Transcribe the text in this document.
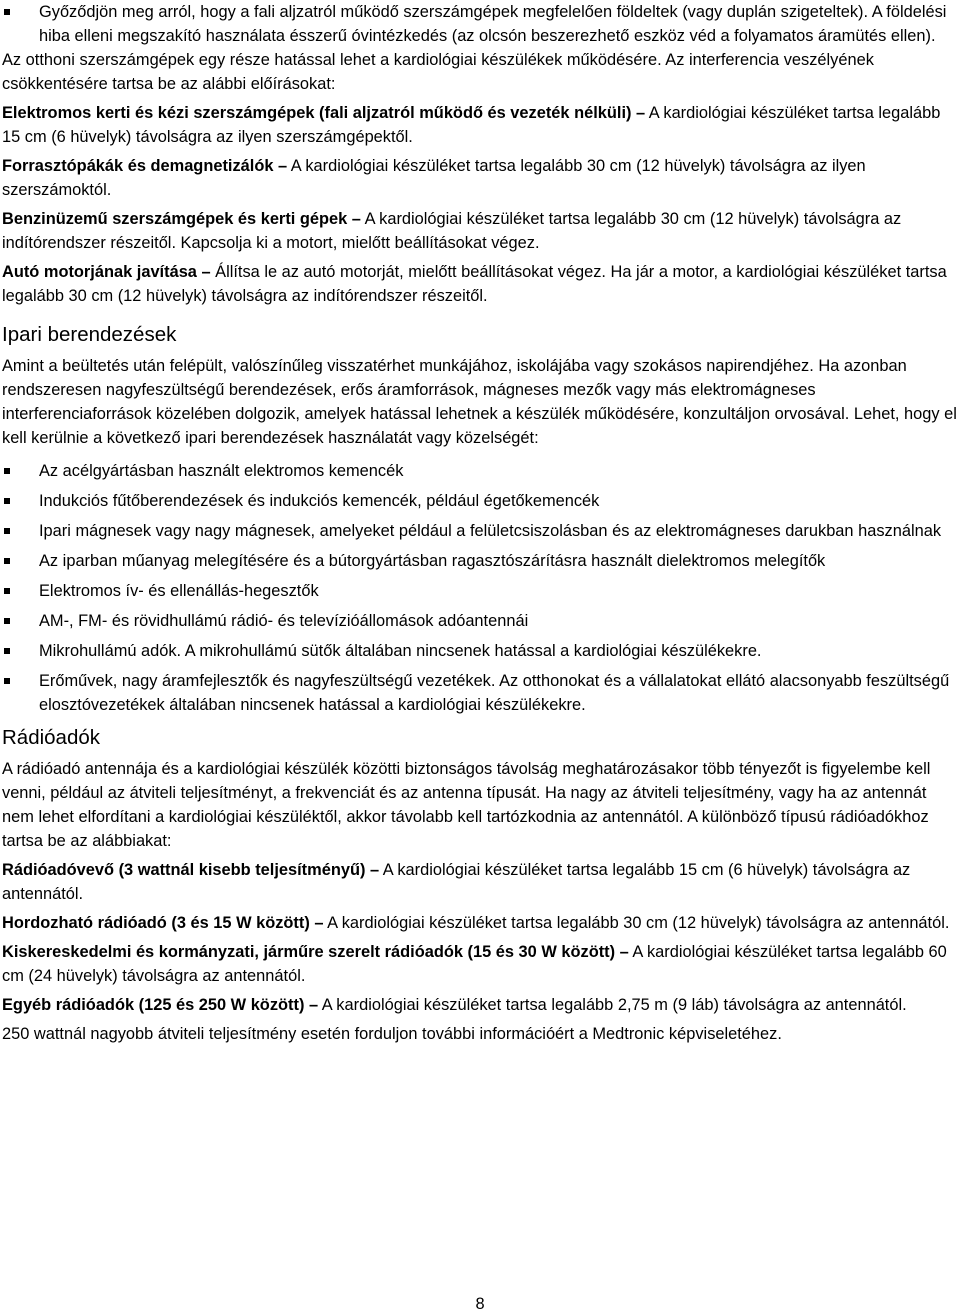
Győződjön meg arról, hogy a fali aljzatról működő szerszámgépek megfelelően földeltek (vagy duplán szigeteltek). A földelési hiba elleni megszakító használata ésszerű óvintézkedés (az olcsón beszerezhető eszköz véd a folyamatos áramütés ellen).

Az otthoni szerszámgépek egy része hatással lehet a kardiológiai készülékek működésére. Az interferencia veszélyének csökkentésére tartsa be az alábbi előírásokat:

Elektromos kerti és kézi szerszámgépek (fali aljzatról működő és vezeték nélküli) – A kardiológiai készüléket tartsa legalább 15 cm (6 hüvelyk) távolságra az ilyen szerszámgépektől.

Forrasztópákák és demagnetizálók – A kardiológiai készüléket tartsa legalább 30 cm (12 hüvelyk) távolságra az ilyen szerszámoktól.

Benzinüzemű szerszámgépek és kerti gépek – A kardiológiai készüléket tartsa legalább 30 cm (12 hüvelyk) távolságra az indítórendszer részeitől. Kapcsolja ki a motort, mielőtt beállításokat végez.

Autó motorjának javítása – Állítsa le az autó motorját, mielőtt beállításokat végez. Ha jár a motor, a kardiológiai készüléket tartsa legalább 30 cm (12 hüvelyk) távolságra az indítórendszer részeitől.

Ipari berendezések

Amint a beültetés után felépült, valószínűleg visszatérhet munkájához, iskolájába vagy szokásos napirendjéhez. Ha azonban rendszeresen nagyfeszültségű berendezések, erős áramforrások, mágneses mezők vagy más elektromágneses interferenciaforrások közelében dolgozik, amelyek hatással lehetnek a készülék működésére, konzultáljon orvosával. Lehet, hogy el kell kerülnie a következő ipari berendezések használatát vagy közelségét:

Az acélgyártásban használt elektromos kemencék
Indukciós fűtőberendezések és indukciós kemencék, például égetőkemencék
Ipari mágnesek vagy nagy mágnesek, amelyeket például a felületcsiszolásban és az elektromágneses darukban használnak
Az iparban műanyag melegítésére és a bútorgyártásban ragasztószárításra használt dielektromos melegítők
Elektromos ív- és ellenállás-hegesztők
AM-, FM- és rövidhullámú rádió- és televízióállomások adóantennái
Mikrohullámú adók. A mikrohullámú sütők általában nincsenek hatással a kardiológiai készülékekre.
Erőművek, nagy áramfejlesztők és nagyfeszültségű vezetékek. Az otthonokat és a vállalatokat ellátó alacsonyabb feszültségű elosztóvezetékek általában nincsenek hatással a kardiológiai készülékekre.
Rádióadók

A rádióadó antennája és a kardiológiai készülék közötti biztonságos távolság meghatározásakor több tényezőt is figyelembe kell venni, például az átviteli teljesítményt, a frekvenciát és az antenna típusát. Ha nagy az átviteli teljesítmény, vagy ha az antennát nem lehet elfordítani a kardiológiai készüléktől, akkor távolabb kell tartózkodnia az antennától. A különböző típusú rádióadókhoz tartsa be az alábbiakat:

Rádióadóvevő (3 wattnál kisebb teljesítményű) – A kardiológiai készüléket tartsa legalább 15 cm (6 hüvelyk) távolságra az antennától.

Hordozható rádióadó (3 és 15 W között) – A kardiológiai készüléket tartsa legalább 30 cm (12 hüvelyk) távolságra az antennától.

Kiskereskedelmi és kormányzati, járműre szerelt rádióadók (15 és 30 W között) – A kardiológiai készüléket tartsa legalább 60 cm (24 hüvelyk) távolságra az antennától.

Egyéb rádióadók (125 és 250 W között) – A kardiológiai készüléket tartsa legalább 2,75 m (9 láb) távolságra az antennától.

250 wattnál nagyobb átviteli teljesítmény esetén forduljon további információért a Medtronic képviseletéhez.

8
